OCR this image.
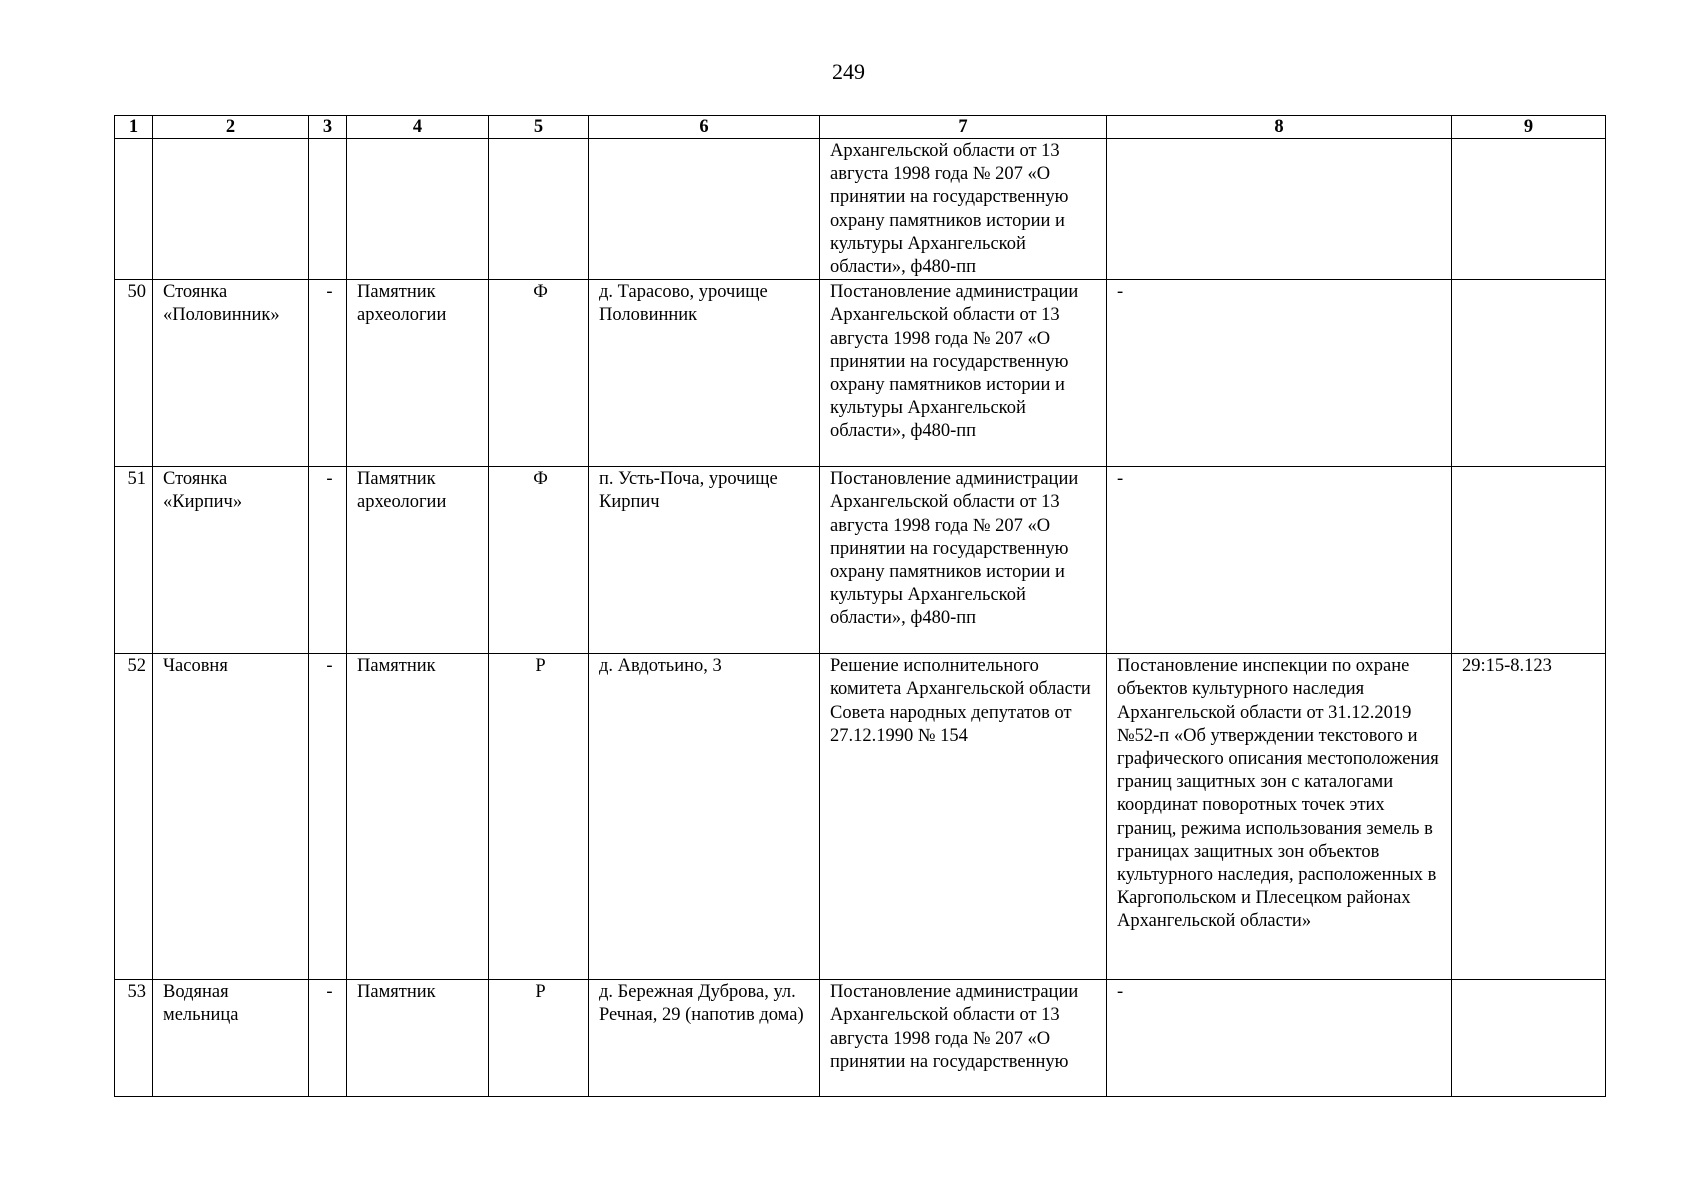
249
1	2	3	4	5	6	7	8	9
						Архангельской области от 13 августа 1998 года № 207 «О принятии на государственную охрану памятников истории и культуры Архангельской области», ф480-пп		
50	Стоянка «Половинник»	-	Памятник археологии	Ф	д. Тарасово, урочище Половинник	Постановление администрации Архангельской области от 13 августа 1998 года № 207 «О принятии на государственную охрану памятников истории и культуры Архангельской области», ф480-пп	-	
51	Стоянка «Кирпич»	-	Памятник археологии	Ф	п. Усть-Поча, урочище Кирпич	Постановление администрации Архангельской области от 13 августа 1998 года № 207 «О принятии на государственную охрану памятников истории и культуры Архангельской области», ф480-пп	-	
52	Часовня	-	Памятник	Р	д. Авдотьино, 3	Решение исполнительного комитета Архангельской области Совета народных депутатов от 27.12.1990 № 154	Постановление инспекции по охране объектов культурного наследия Архангельской области от 31.12.2019 №52-п «Об утверждении текстового и графического описания местоположения границ защитных зон с каталогами координат поворотных точек этих границ, режима использования земель в границах защитных зон объектов культурного наследия, расположенных в Каргопольском и Плесецком районах Архангельской области»	29:15-8.123
53	Водяная мельница	-	Памятник	Р	д. Бережная Дуброва, ул. Речная, 29 (напотив дома)	Постановление администрации Архангельской области от 13 августа 1998 года № 207 «О принятии на государственную	-	
